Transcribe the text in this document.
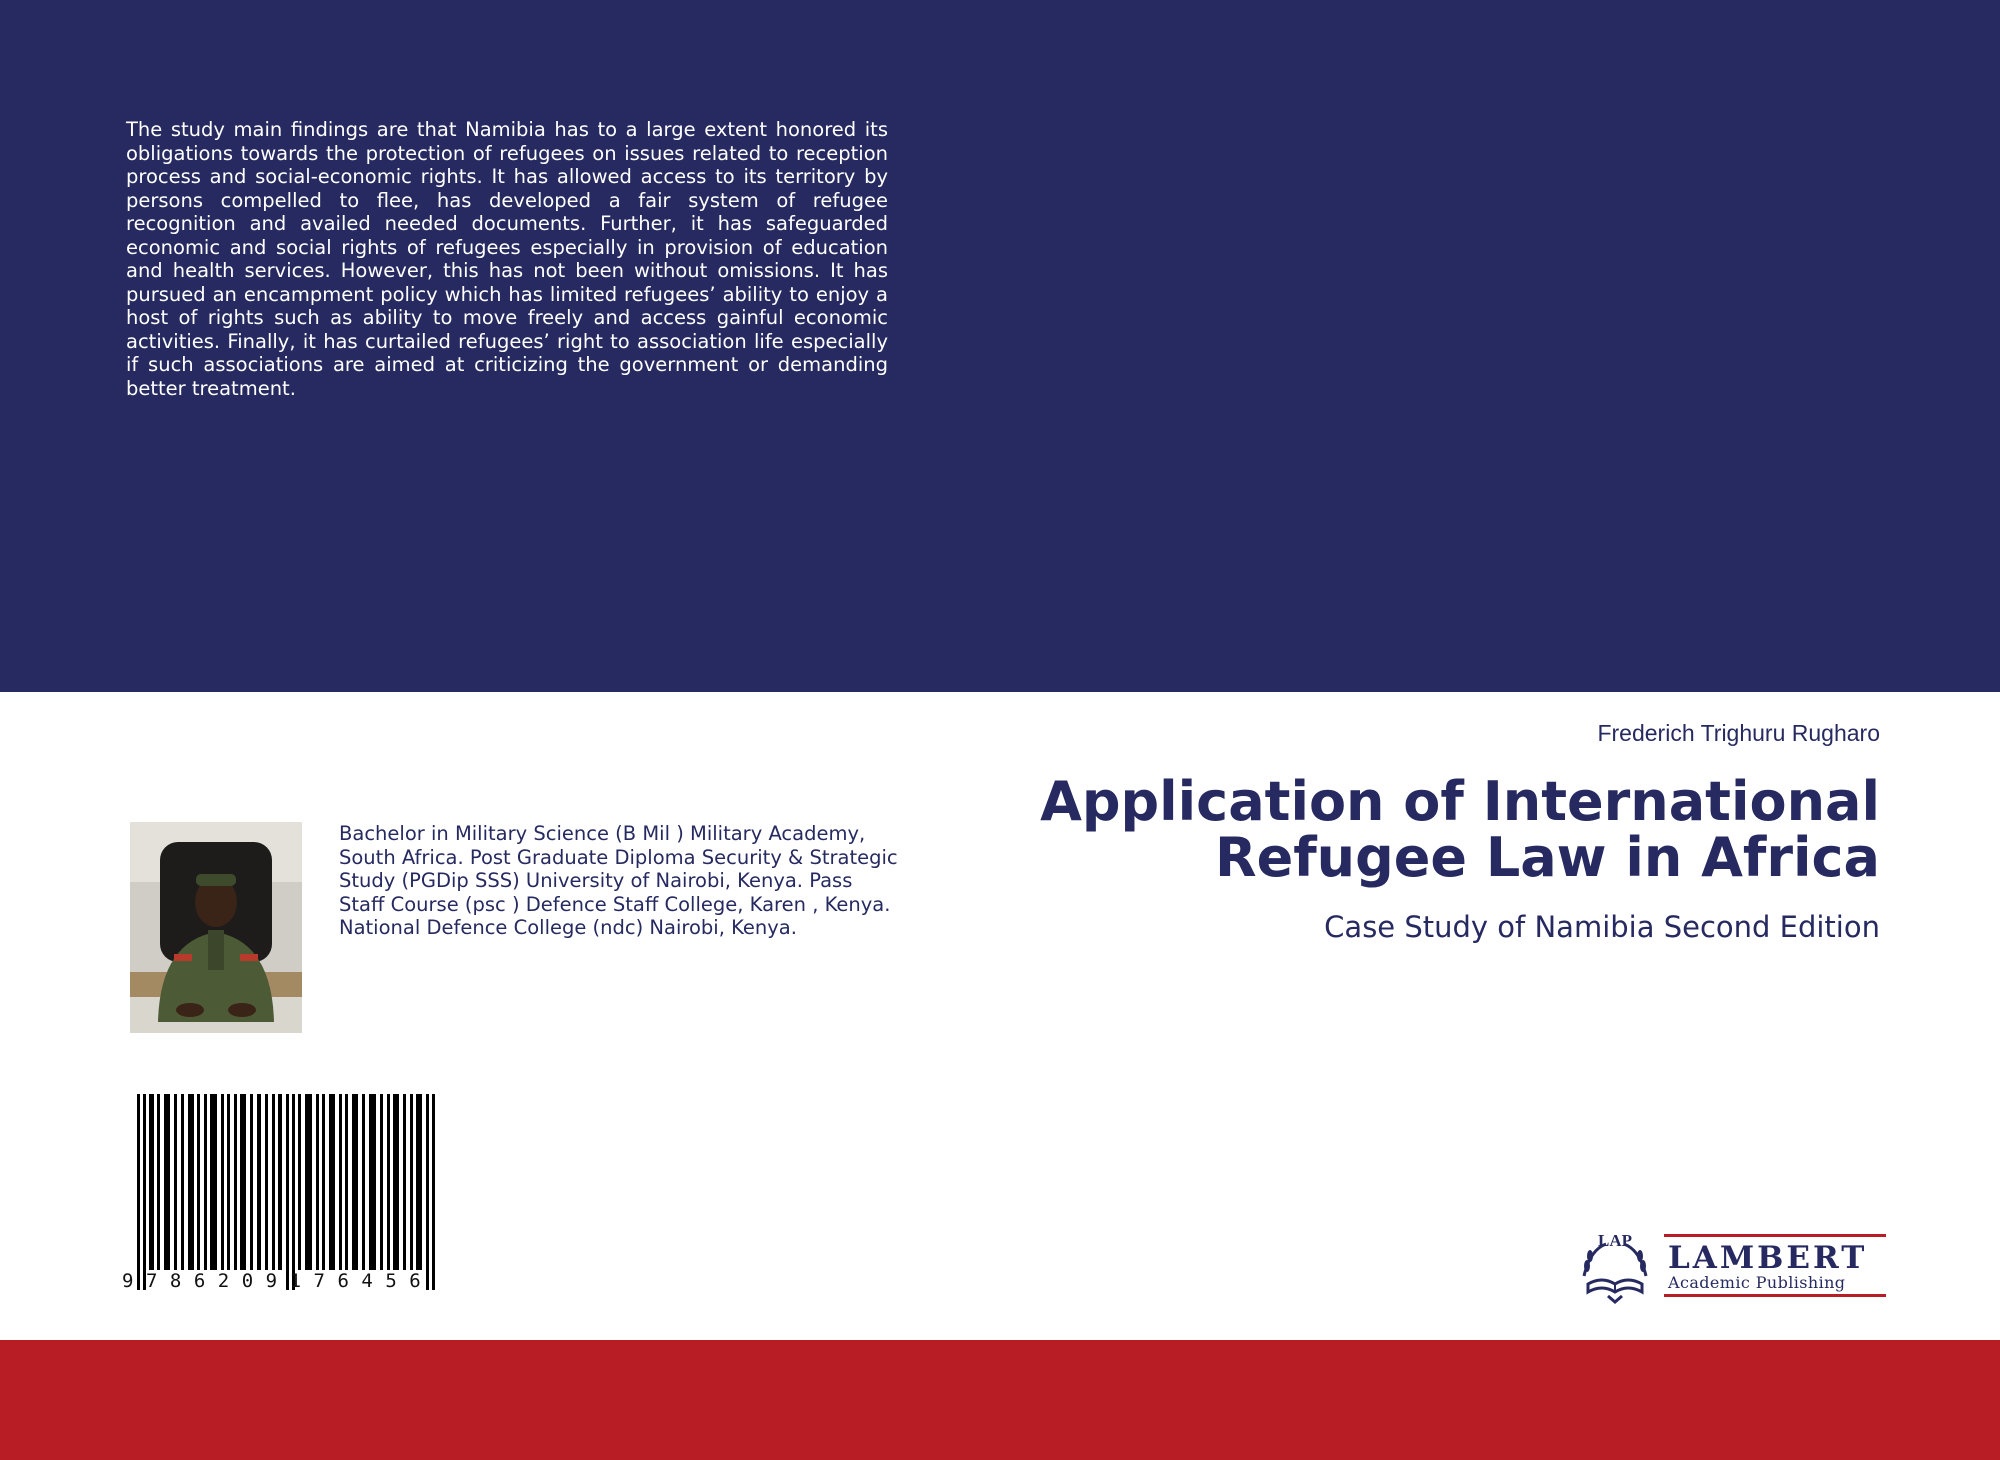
The study main findings are that Namibia has to a large extent honored its obligations towards the protection of refugees on issues related to reception process and social-economic rights. It has allowed access to its territory by persons compelled to flee, has developed a fair system of refugee recognition and availed needed documents. Further, it has safeguarded economic and social rights of refugees especially in provision of education and health services. However, this has not been without omissions. It has pursued an encampment policy which has limited refugees’ ability to enjoy a host of rights such as ability to move freely and access gainful economic activities. Finally, it has curtailed refugees’ right to association life especially if such associations are aimed at criticizing the government or demanding better treatment.

Frederich Trighuru Rugharo

Application of International
Refugee Law in Africa

Case Study of Namibia Second Edition

Bachelor in Military Science (B Mil ) Military Academy, South Africa. Post Graduate Diploma Security & Strategic Study (PGDip SSS) University of Nairobi, Kenya. Pass Staff Course (psc ) Defence Staff College, Karen , Kenya. National Defence College (ndc) Nairobi, Kenya.

9786209176456
LAP LAMBERT
Academic Publishing
